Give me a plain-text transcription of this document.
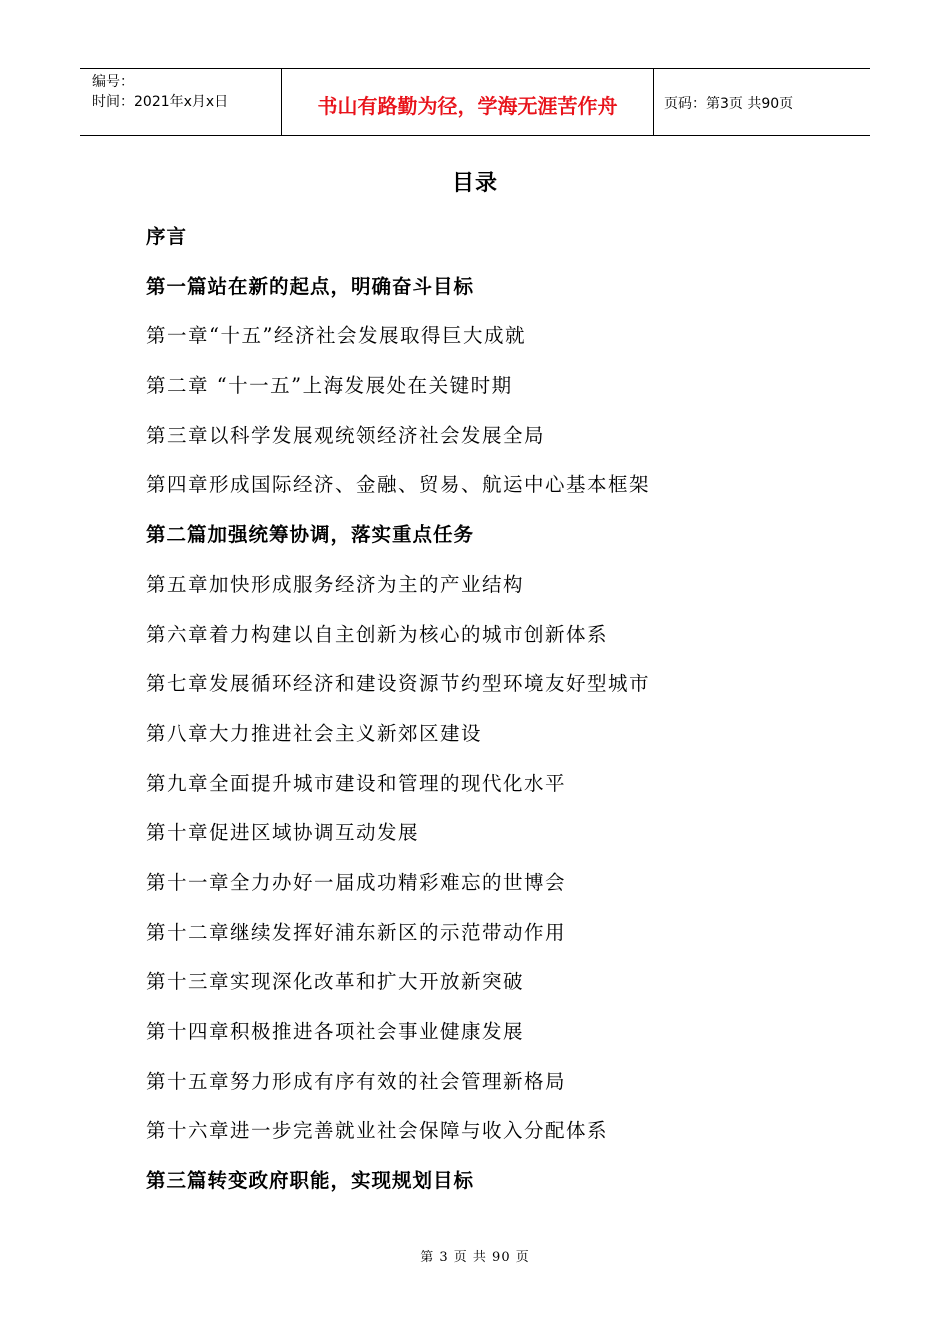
编号：
时间：2021年x月x日	书山有路勤为径，学海无涯苦作舟	页码：第3页 共90页
目录
序言
第一篇站在新的起点，明确奋斗目标
第一章“十五”经济社会发展取得巨大成就
第二章 “十一五”上海发展处在关键时期
第三章以科学发展观统领经济社会发展全局
第四章形成国际经济、金融、贸易、航运中心基本框架
第二篇加强统筹协调，落实重点任务
第五章加快形成服务经济为主的产业结构
第六章着力构建以自主创新为核心的城市创新体系
第七章发展循环经济和建设资源节约型环境友好型城市
第八章大力推进社会主义新郊区建设
第九章全面提升城市建设和管理的现代化水平
第十章促进区域协调互动发展
第十一章全力办好一届成功精彩难忘的世博会
第十二章继续发挥好浦东新区的示范带动作用
第十三章实现深化改革和扩大开放新突破
第十四章积极推进各项社会事业健康发展
第十五章努力形成有序有效的社会管理新格局
第十六章进一步完善就业社会保障与收入分配体系
第三篇转变政府职能，实现规划目标
第 3 页 共 90 页
